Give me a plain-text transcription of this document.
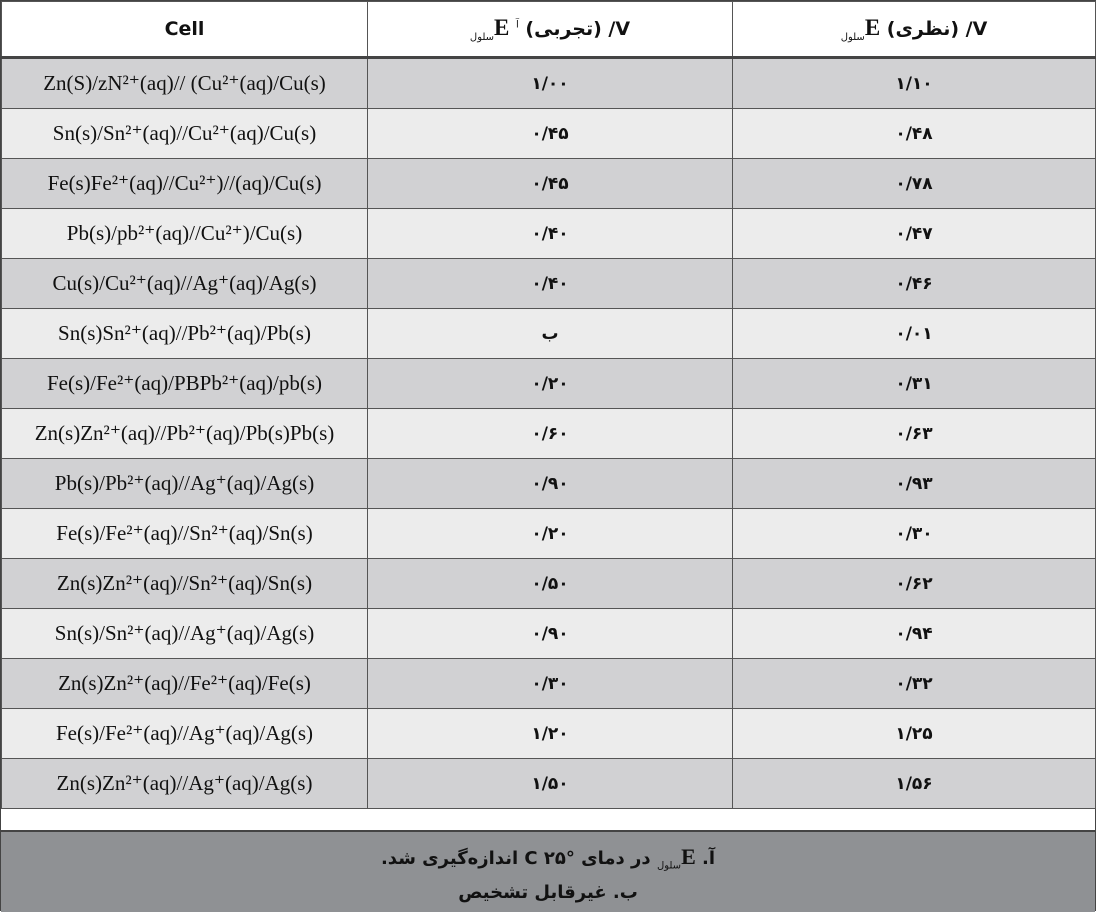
Cell	V/ (تجربی) $^آ$ $E_{سلول}$	V/ (نظری) $E_{سلول}$
Zn(S)/zN²⁺(aq)// (Cu²⁺(aq)/Cu(s)	۱/۰۰	۱/۱۰
Sn(s)/Sn²⁺(aq)//Cu²⁺(aq)/Cu(s)	۰/۴۵	۰/۴۸
Fe(s)Fe²⁺(aq)//Cu²⁺)//(aq)/Cu(s)	۰/۴۵	۰/۷۸
Pb(s)/pb²⁺(aq)//Cu²⁺)/Cu(s)	۰/۴۰	۰/۴۷
Cu(s)/Cu²⁺(aq)//Ag⁺(aq)/Ag(s)	۰/۴۰	۰/۴۶
Sn(s)Sn²⁺(aq)//Pb²⁺(aq)/Pb(s)	ب	۰/۰۱
Fe(s)/Fe²⁺(aq)/PBPb²⁺(aq)/pb(s)	۰/۲۰	۰/۳۱
Zn(s)Zn²⁺(aq)//Pb²⁺(aq)/Pb(s)Pb(s)	۰/۶۰	۰/۶۳
Pb(s)/Pb²⁺(aq)//Ag⁺(aq)/Ag(s)	۰/۹۰	۰/۹۳
Fe(s)/Fe²⁺(aq)//Sn²⁺(aq)/Sn(s)	۰/۲۰	۰/۳۰
Zn(s)Zn²⁺(aq)//Sn²⁺(aq)/Sn(s)	۰/۵۰	۰/۶۲
Sn(s)/Sn²⁺(aq)//Ag⁺(aq)/Ag(s)	۰/۹۰	۰/۹۴
Zn(s)Zn²⁺(aq)//Fe²⁺(aq)/Fe(s)	۰/۳۰	۰/۳۲
Fe(s)/Fe²⁺(aq)//Ag⁺(aq)/Ag(s)	۱/۲۰	۱/۲۵
Zn(s)Zn²⁺(aq)//Ag⁺(aq)/Ag(s)	۱/۵۰	۱/۵۶
آ. $E_{سلول}$ در دمای °C ۲۵ اندازه‌گیری شد.
ب. غیرقابل تشخیص
